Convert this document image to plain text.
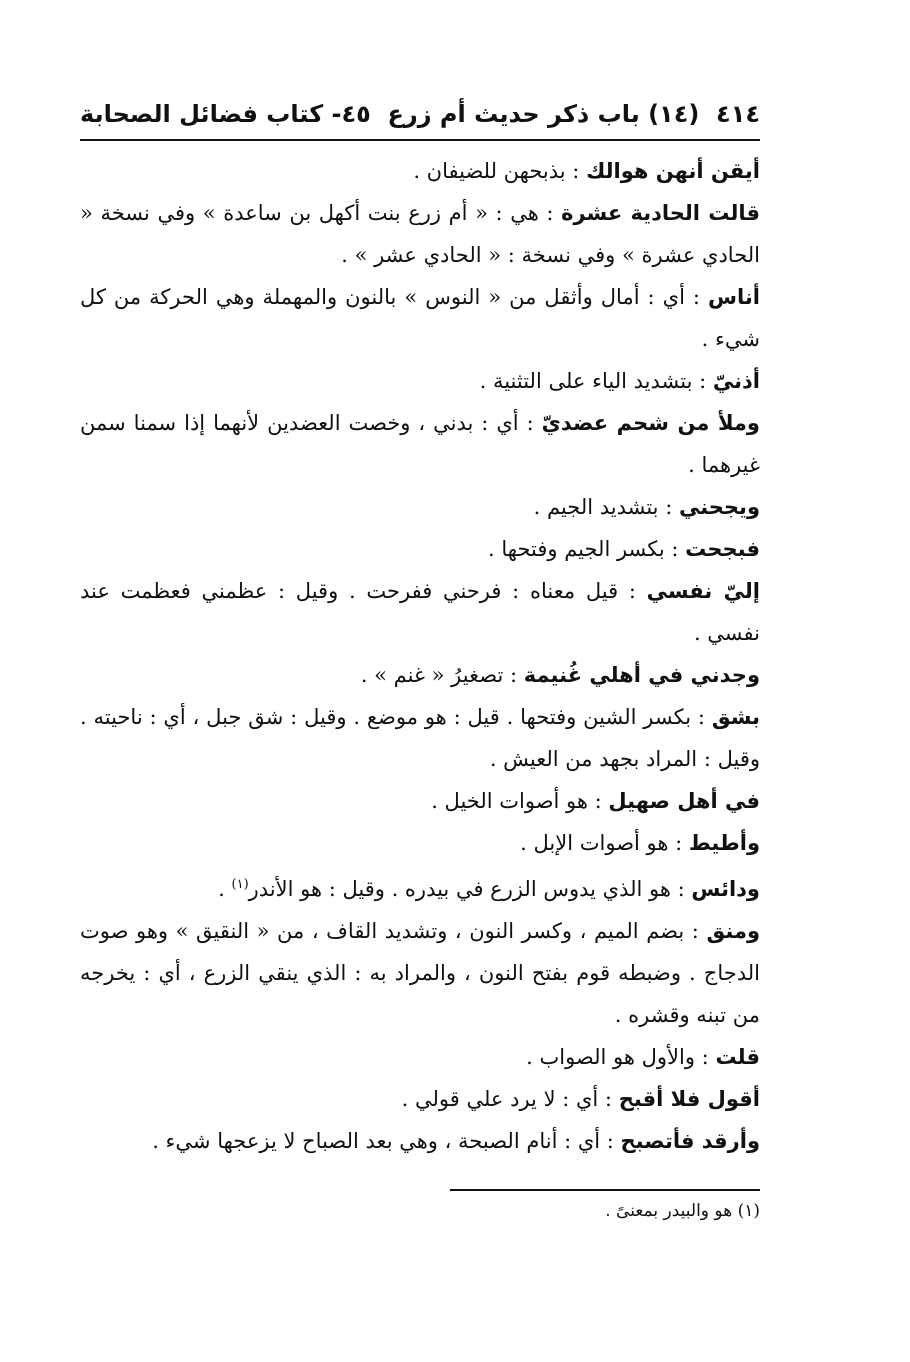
٤١٤
(١٤) باب ذكر حديث أم زرع
٤٥- كتاب فضائل الصحابة

أيقن أنهن هوالك : بذبحهن للضيفان .

قالت الحادية عشرة : هي : « أم زرع بنت أكهل بن ساعدة » وفي نسخة « الحادي عشرة » وفي نسخة : « الحادي عشر » .

أناس : أي : أمال وأثقل من « النوس » بالنون والمهملة وهي الحركة من كل شيء .

أذنيّ : بتشديد الياء على التثنية .

وملأ من شحم عضديّ : أي : بدني ، وخصت العضدين لأنهما إذا سمنا سمن غيرهما .

ويجحني : بتشديد الجيم .

فبجحت : بكسر الجيم وفتحها .

إليّ نفسي : قيل معناه : فرحني ففرحت . وقيل : عظمني فعظمت عند نفسي .

وجدني في أهلي غُنيمة : تصغيرُ « غنم » .

بشق : بكسر الشين وفتحها . قيل : هو موضع . وقيل : شق جبل ، أي : ناحيته . وقيل : المراد بجهد من العيش .

في أهل صهيل : هو أصوات الخيل .

وأطيط : هو أصوات الإبل .

ودائس : هو الذي يدوس الزرع في بيدره . وقيل : هو الأندر$^{(١)}$ .

ومنق : بضم الميم ، وكسر النون ، وتشديد القاف ، من « النقيق » وهو صوت الدجاج . وضبطه قوم بفتح النون ، والمراد به : الذي ينقي الزرع ، أي : يخرجه من تبنه وقشره .

قلت : والأول هو الصواب .

أقول فلا أقبح : أي : لا يرد علي قولي .

وأرقد فأتصبح : أي : أنام الصبحة ، وهي بعد الصباح لا يزعجها شيء .

(١) هو والبيدر بمعنىً .
